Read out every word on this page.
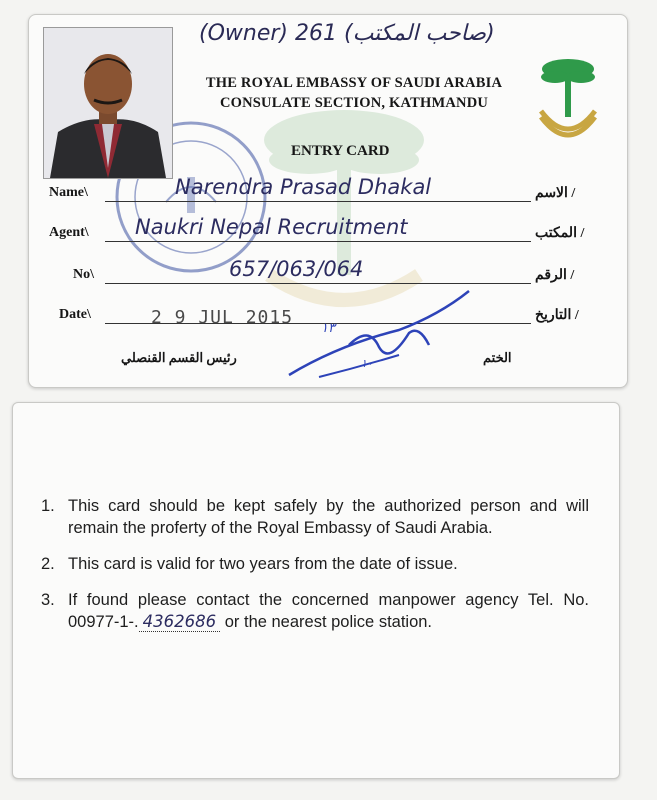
(Owner) 261 (صاحب المكتب)
THE ROYAL EMBASSY OF SAUDI ARABIA
CONSULATE SECTION, KATHMANDU
ENTRY CARD
Name\	Narendra Prasad Dhakal	/ الاسم
Agent\ Naukri Nepal Recruitment	/ المكتب
No\	657/063/064	/ الرقم
Date\	2 9 JUL 2015	/ التاريخ
١٣
١٠
رئيس القسم القنصلي	الختم
1. This card should be kept safely by the authorized person and will remain the proferty of the Royal Embassy of Saudi Arabia.
2. This card is valid for two years from the date of issue.
3. If found please contact the concerned manpower agency Tel. No. 00977-1-. 4362686 or the nearest police station.
